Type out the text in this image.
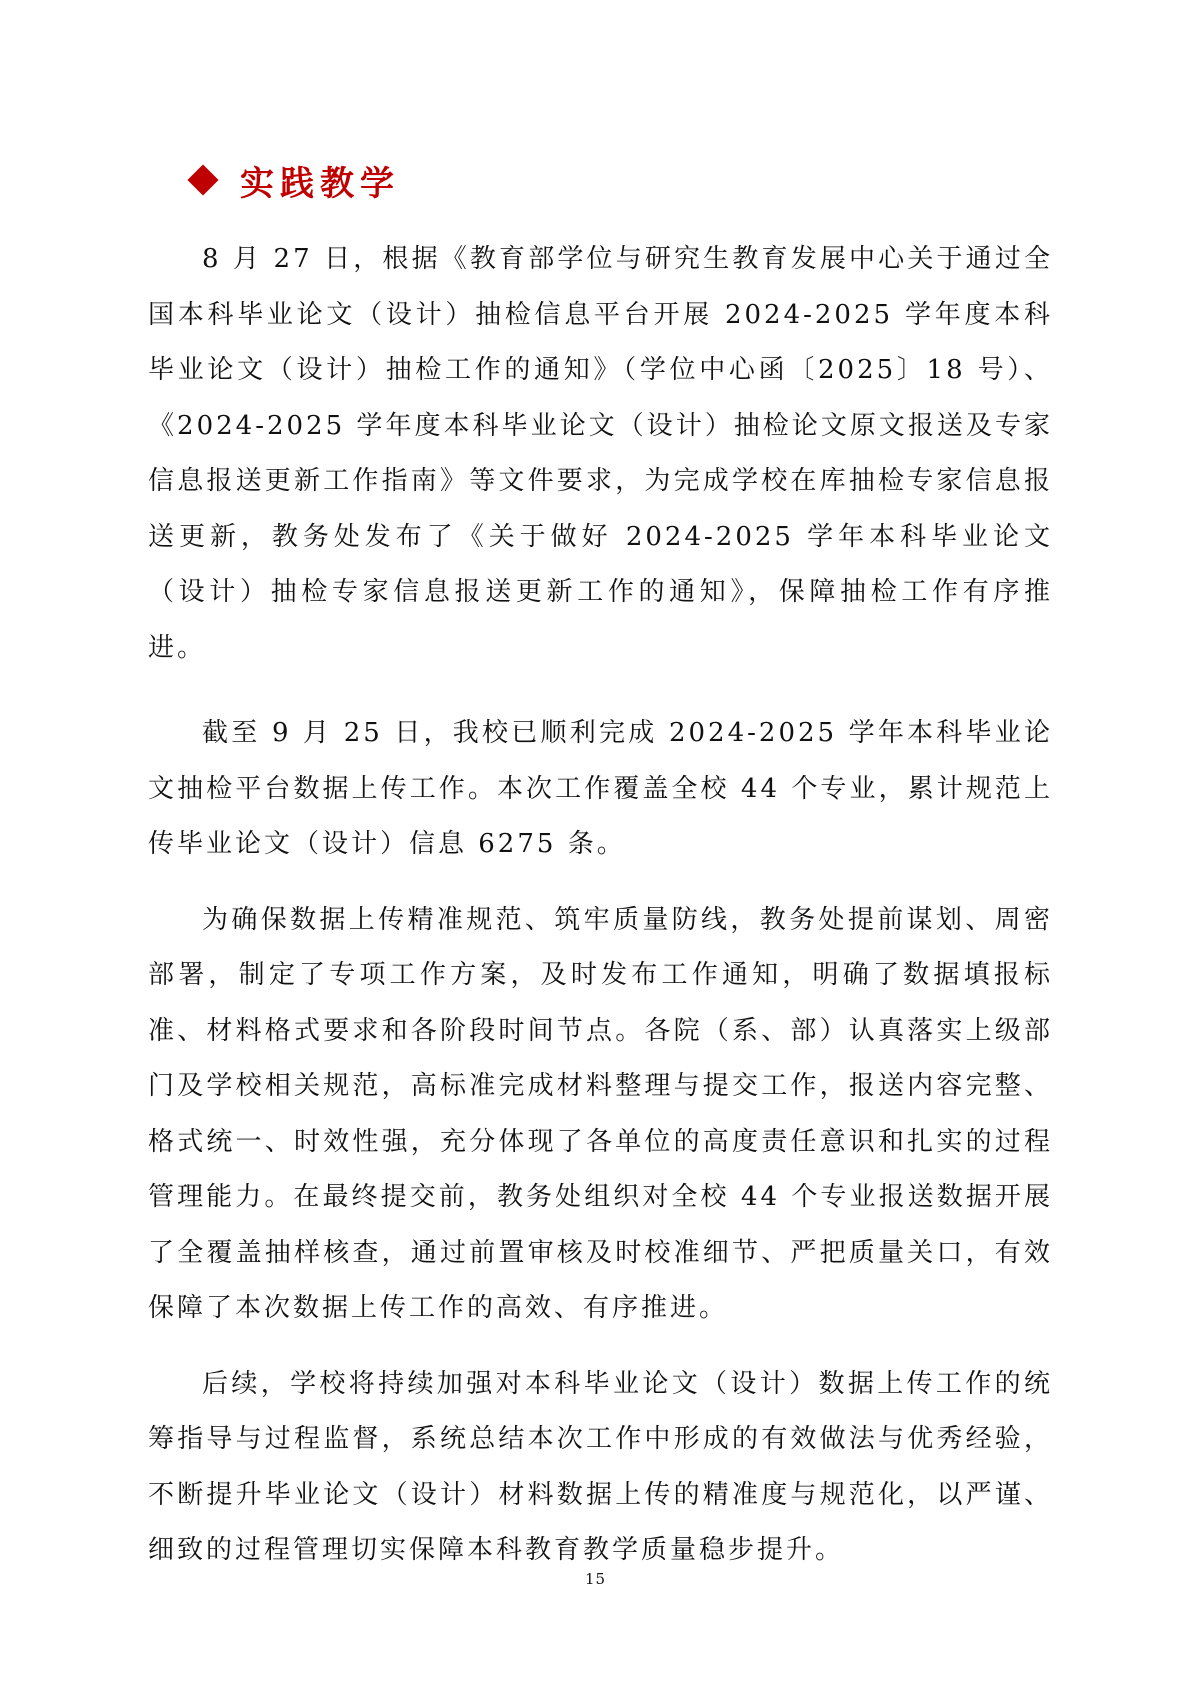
实践教学

8 月 27 日，根据《教育部学位与研究生教育发展中心关于通过全国本科毕业论文（设计）抽检信息平台开展 2024-2025 学年度本科毕业论文（设计）抽检工作的通知》（学位中心函〔2025〕18 号）、《2024-2025 学年度本科毕业论文（设计）抽检论文原文报送及专家信息报送更新工作指南》等文件要求，为完成学校在库抽检专家信息报送更新，教务处发布了《关于做好 2024-2025 学年本科毕业论文（设计）抽检专家信息报送更新工作的通知》，保障抽检工作有序推进。

截至 9 月 25 日，我校已顺利完成 2024-2025 学年本科毕业论文抽检平台数据上传工作。本次工作覆盖全校 44 个专业，累计规范上传毕业论文（设计）信息 6275 条。

为确保数据上传精准规范、筑牢质量防线，教务处提前谋划、周密部署，制定了专项工作方案，及时发布工作通知，明确了数据填报标准、材料格式要求和各阶段时间节点。各院（系、部）认真落实上级部门及学校相关规范，高标准完成材料整理与提交工作，报送内容完整、格式统一、时效性强，充分体现了各单位的高度责任意识和扎实的过程管理能力。在最终提交前，教务处组织对全校 44 个专业报送数据开展了全覆盖抽样核查，通过前置审核及时校准细节、严把质量关口，有效保障了本次数据上传工作的高效、有序推进。

后续，学校将持续加强对本科毕业论文（设计）数据上传工作的统筹指导与过程监督，系统总结本次工作中形成的有效做法与优秀经验，不断提升毕业论文（设计）材料数据上传的精准度与规范化，以严谨、细致的过程管理切实保障本科教育教学质量稳步提升。

15
